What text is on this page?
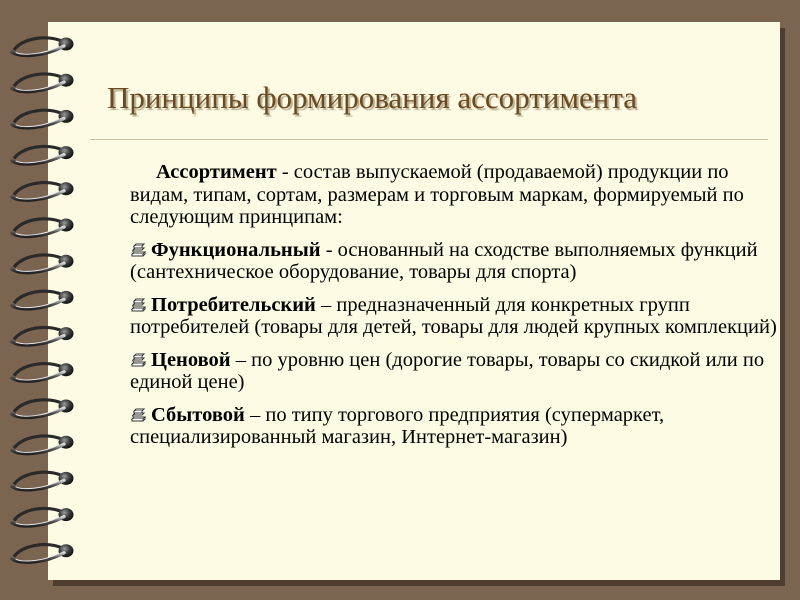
Принципы формирования ассортимента

Ассортимент - состав выпускаемой (продаваемой) продукции по видам, типам, сортам, размерам и торговым маркам, формируемый по следующим принципам:

Функциональный - основанный на сходстве выполняемых функций (сантехническое оборудование, товары для спорта)

Потребительский – предназначенный для конкретных групп потребителей (товары для детей, товары для людей крупных комплекций)

Ценовой – по уровню цен (дорогие товары, товары со скидкой или по единой цене)

Сбытовой – по типу торгового предприятия (супермаркет, специализированный магазин, Интернет-магазин)
